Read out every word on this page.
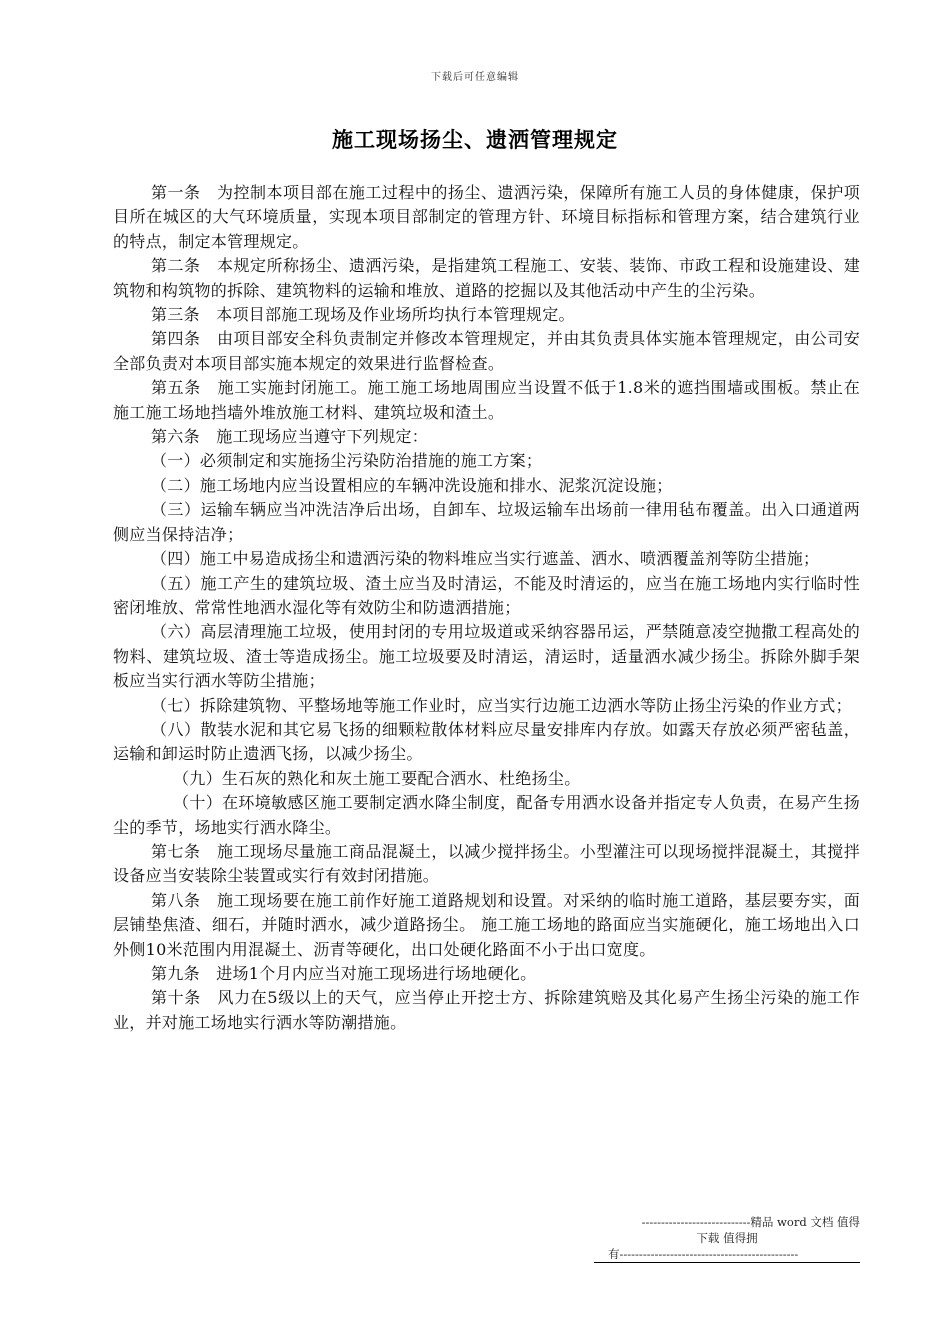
下载后可任意编辑
施工现场扬尘、遗洒管理规定

第一条　为控制本项目部在施工过程中的扬尘、遗洒污染，保障所有施工人员的身体健康，保护项目所在城区的大气环境质量，实现本项目部制定的管理方针、环境目标指标和管理方案，结合建筑行业的特点，制定本管理规定。

第二条　本规定所称扬尘、遗洒污染，是指建筑工程施工、安装、装饰、市政工程和设施建设、建筑物和构筑物的拆除、建筑物料的运输和堆放、道路的挖掘以及其他活动中产生的尘污染。

第三条　本项目部施工现场及作业场所均执行本管理规定。

第四条　由项目部安全科负责制定并修改本管理规定，并由其负责具体实施本管理规定，由公司安全部负责对本项目部实施本规定的效果进行监督检查。

第五条　施工实施封闭施工。施工施工场地周围应当设置不低于1.8米的遮挡围墙或围板。禁止在施工施工场地挡墙外堆放施工材料、建筑垃圾和渣土。

第六条　施工现场应当遵守下列规定：

（一）必须制定和实施扬尘污染防治措施的施工方案；

（二）施工场地内应当设置相应的车辆冲洗设施和排水、泥浆沉淀设施；

（三）运输车辆应当冲洗洁净后出场，自卸车、垃圾运输车出场前一律用毡布覆盖。出入口通道两侧应当保持洁净；

（四）施工中易造成扬尘和遗洒污染的物料堆应当实行遮盖、洒水、喷洒覆盖剂等防尘措施；

（五）施工产生的建筑垃圾、渣土应当及时清运，不能及时清运的，应当在施工场地内实行临时性密闭堆放、常常性地洒水湿化等有效防尘和防遗洒措施；

（六）高层清理施工垃圾，使用封闭的专用垃圾道或采纳容器吊运，严禁随意凌空抛撒工程高处的物料、建筑垃圾、渣士等造成扬尘。施工垃圾要及时清运，清运时，适量洒水减少扬尘。拆除外脚手架板应当实行洒水等防尘措施；

（七）拆除建筑物、平整场地等施工作业时，应当实行边施工边洒水等防止扬尘污染的作业方式；

（八）散装水泥和其它易飞扬的细颗粒散体材料应尽量安排库内存放。如露天存放必须严密毡盖，运输和卸运时防止遗洒飞扬，以减少扬尘。

（九）生石灰的熟化和灰土施工要配合洒水、杜绝扬尘。

（十）在环境敏感区施工要制定洒水降尘制度，配备专用洒水设备并指定专人负责，在易产生扬尘的季节，场地实行洒水降尘。

第七条　施工现场尽量施工商品混凝土，以减少搅拌扬尘。小型灌注可以现场搅拌混凝土，其搅拌设备应当安装除尘装置或实行有效封闭措施。

第八条　施工现场要在施工前作好施工道路规划和设置。对采纳的临时施工道路，基层要夯实，面层铺垫焦渣、细石，并随时洒水，减少道路扬尘。 施工施工场地的路面应当实施硬化，施工场地出入口外侧10米范围内用混凝土、沥青等硬化，出口处硬化路面不小于出口宽度。

第九条　进场1个月内应当对施工现场进行场地硬化。

第十条　风力在5级以上的天气，应当停止开挖士方、拆除建筑赔及其化易产生扬尘污染的施工作业，并对施工场地实行洒水等防潮措施。

----------------------------精品 word 文档 值得
下载 值得拥
有----------------------------------------------
